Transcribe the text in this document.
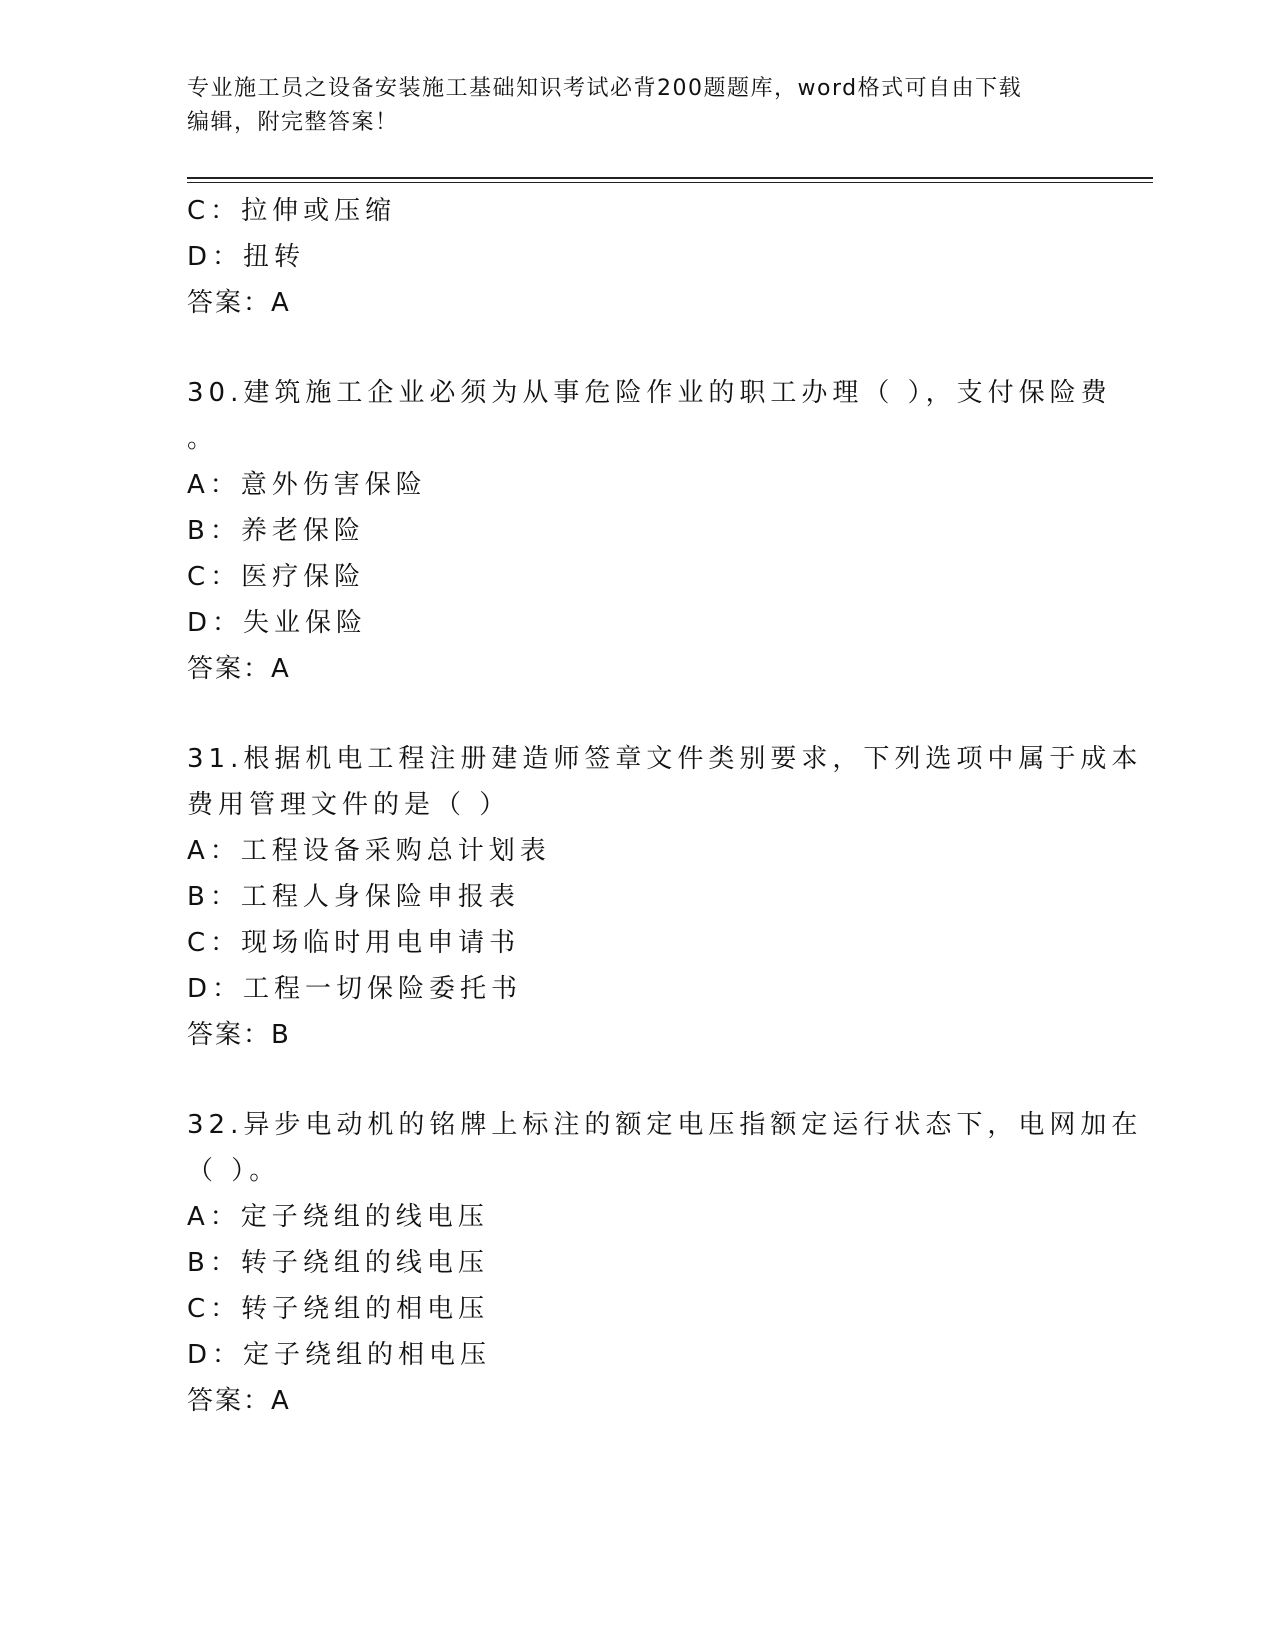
专业施工员之设备安装施工基础知识考试必背200题题库，word格式可自由下载
编辑，附完整答案！
C：拉伸或压缩
D：扭转
答案：A
30.建筑施工企业必须为从事危险作业的职工办理（ ），支付保险费
。
A：意外伤害保险
B：养老保险
C：医疗保险
D：失业保险
答案：A
31.根据机电工程注册建造师签章文件类别要求，下列选项中属于成本
费用管理文件的是（ ）
A：工程设备采购总计划表
B：工程人身保险申报表
C：现场临时用电申请书
D：工程一切保险委托书
答案：B
32.异步电动机的铭牌上标注的额定电压指额定运行状态下，电网加在
（ ）。
A：定子绕组的线电压
B：转子绕组的线电压
C：转子绕组的相电压
D：定子绕组的相电压
答案：A
